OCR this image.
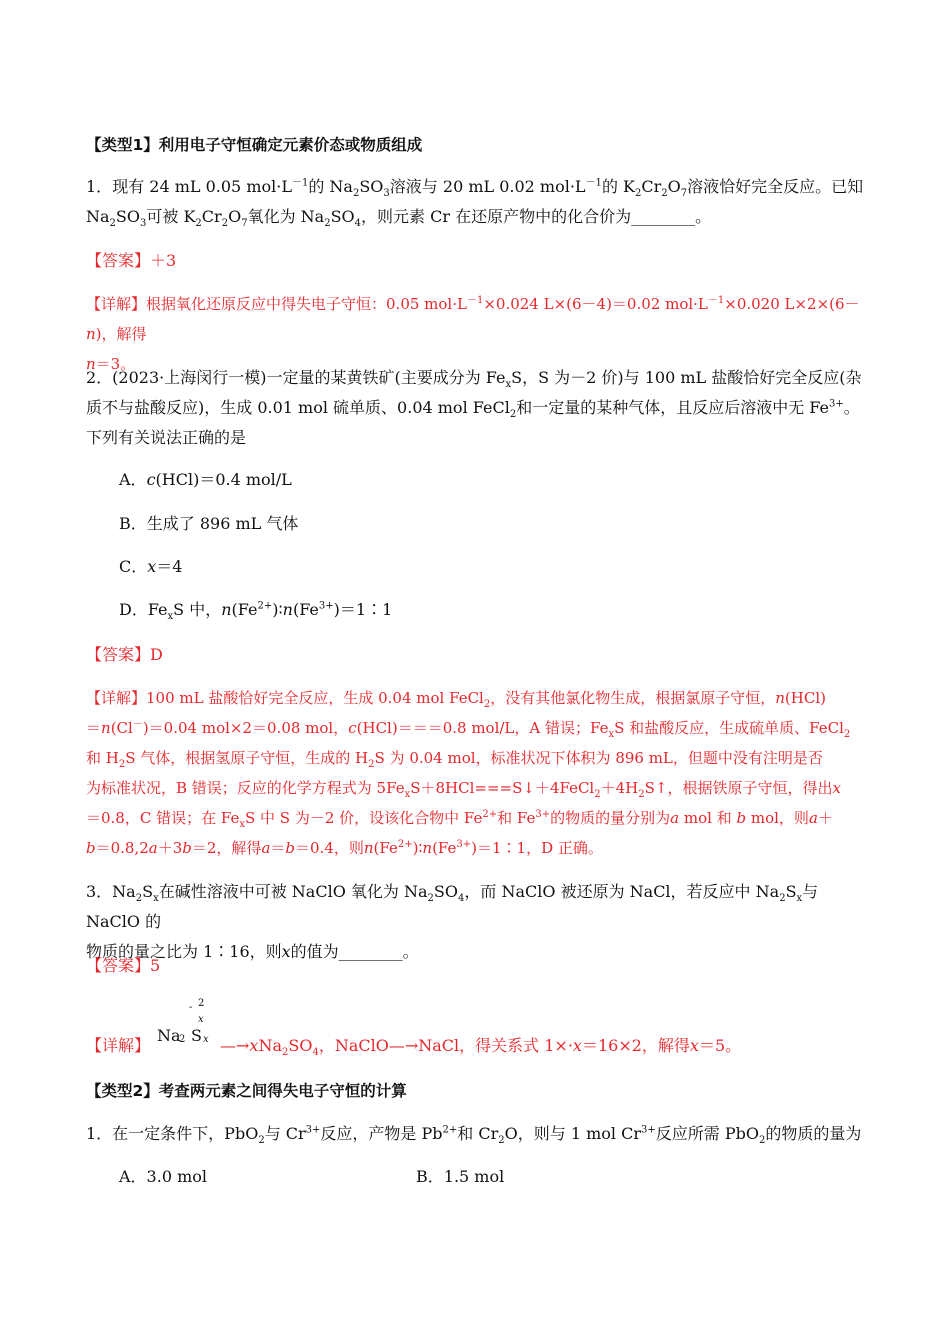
【类型1】利用电子守恒确定元素价态或物质组成
1．现有 24 mL 0.05 $mol\cdot L^{-1}$的 $Na_2SO_3$溶液与 20 mL 0.02 $mol\cdot L^{-1}$的 $K_2Cr_2O_7$溶液恰好完全反应。已知
$Na_2SO_3$可被 $K_2Cr_2O_7$氧化为 $Na_2SO_4$，则元素 Cr 在还原产物中的化合价为________。
【答案】＋3
【详解】根据氧化还原反应中得失电子守恒：0.05 $mol\cdot L^{-1}\times 0.024$ L×(6－4)＝0.02 $mol\cdot L^{-1}\times 0.020$ L×2×(6－n)，解得
n＝3。
2．(2023·上海闵行一模)一定量的某黄铁矿(主要成分为 $Fe_xS$，S 为－2 价)与 100 mL 盐酸恰好完全反应(杂
质不与盐酸反应)，生成 0.01 mol 硫单质、0.04 mol FeCl$_2$和一定量的某种气体，且反应后溶液中无 $Fe^{3+}$。
下列有关说法正确的是
A．c(HCl)＝0.4 mol/L
B．生成了 896 mL 气体
C．x＝4
D．$Fe_xS$ 中，$n(Fe^{2+})∶n(Fe^{3+})=1∶1$
【答案】D
【详解】100 mL 盐酸恰好完全反应，生成 0.04 mol FeCl$_2$，没有其他氯化物生成，根据氯原子守恒，n(HCl)
＝n(Cl－)＝0.04 mol×2＝0.08 mol，c(HCl)＝＝＝0.8 mol/L，A 错误；$Fe_xS$ 和盐酸反应，生成硫单质、FeCl$_2$
和 $H_2S$ 气体，根据氢原子守恒，生成的 $H_2S$ 为 0.04 mol，标准状况下体积为 896 mL，但题中没有注明是否
为标准状况，B 错误；反应的化学方程式为 $5Fe_xS+8HCl===S↓+4FeCl_2+4H_2S↑$，根据铁原子守恒，得出x
＝0.8，C 错误；在 $Fe_xS$ 中 S 为－2 价，设该化合物中 $Fe^{2+}$和 $Fe^{3+}$的物质的量分别为a mol 和 b mol，则a＋
b＝0.8,2a＋3b＝2，解得a＝b＝0.4，则$n(Fe^{2+})∶n(Fe^{3+})=1∶1$，D 正确。
3．$Na_2S_x$在碱性溶液中可被 NaClO 氧化为 $Na_2SO_4$，而 NaClO 被还原为 NaCl，若反应中 $Na_2S_x$与 NaClO 的
物质的量之比为 1∶16，则x的值为________。
【答案】5
Na
2 S x
- 2
x
【详解】	$—\to xNa_2SO_4$，NaClO—→NaCl，得关系式 1×·x＝16×2，解得x＝5。
【类型2】考查两元素之间得失电子守恒的计算
1．在一定条件下，PbO$_2$与 $Cr^{3+}$反应，产物是 $Pb^{2+}$和 $Cr_2O$，则与 1 mol $Cr^{3+}$反应所需 PbO$_2$的物质的量为
A．3.0 mol	B．1.5 mol
